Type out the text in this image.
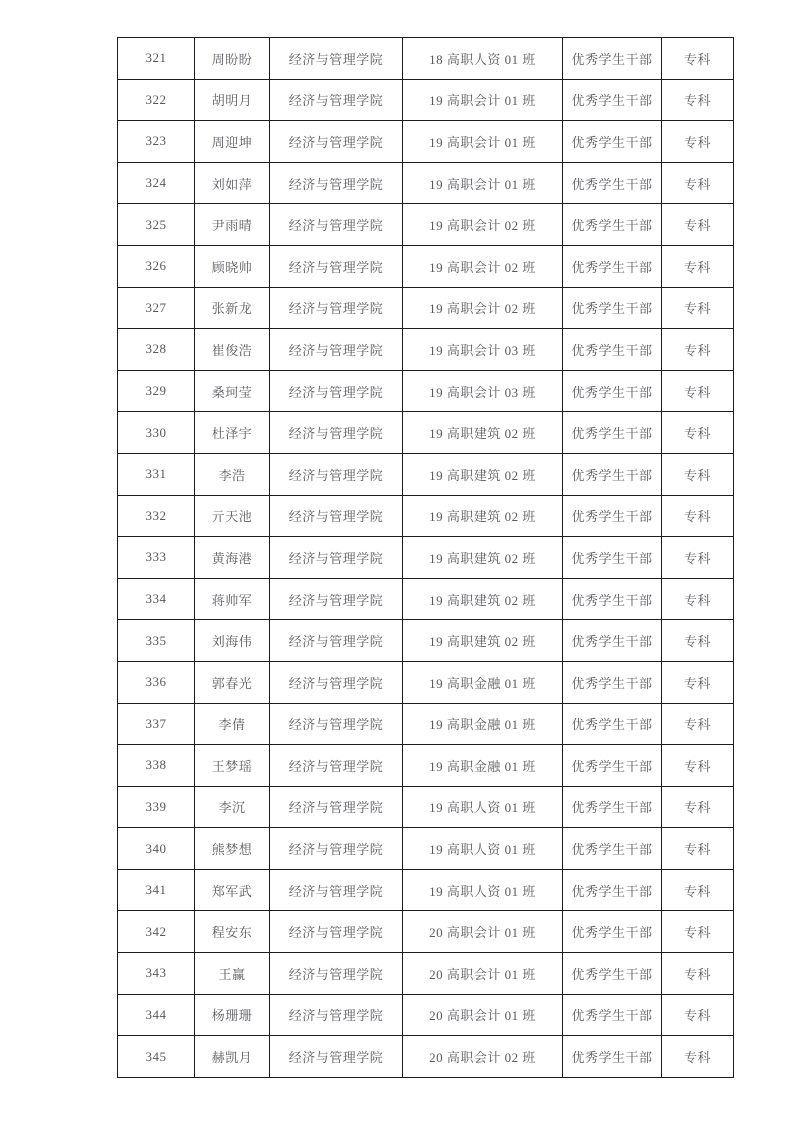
321	周盼盼	经济与管理学院	18 高职人资 01 班	优秀学生干部	专科
322	胡明月	经济与管理学院	19 高职会计 01 班	优秀学生干部	专科
323	周迎坤	经济与管理学院	19 高职会计 01 班	优秀学生干部	专科
324	刘如萍	经济与管理学院	19 高职会计 01 班	优秀学生干部	专科
325	尹雨晴	经济与管理学院	19 高职会计 02 班	优秀学生干部	专科
326	顾晓帅	经济与管理学院	19 高职会计 02 班	优秀学生干部	专科
327	张新龙	经济与管理学院	19 高职会计 02 班	优秀学生干部	专科
328	崔俊浩	经济与管理学院	19 高职会计 03 班	优秀学生干部	专科
329	桑珂莹	经济与管理学院	19 高职会计 03 班	优秀学生干部	专科
330	杜泽宇	经济与管理学院	19 高职建筑 02 班	优秀学生干部	专科
331	李浩	经济与管理学院	19 高职建筑 02 班	优秀学生干部	专科
332	亓天池	经济与管理学院	19 高职建筑 02 班	优秀学生干部	专科
333	黄海港	经济与管理学院	19 高职建筑 02 班	优秀学生干部	专科
334	蒋帅军	经济与管理学院	19 高职建筑 02 班	优秀学生干部	专科
335	刘海伟	经济与管理学院	19 高职建筑 02 班	优秀学生干部	专科
336	郭春光	经济与管理学院	19 高职金融 01 班	优秀学生干部	专科
337	李倩	经济与管理学院	19 高职金融 01 班	优秀学生干部	专科
338	王梦瑶	经济与管理学院	19 高职金融 01 班	优秀学生干部	专科
339	李沉	经济与管理学院	19 高职人资 01 班	优秀学生干部	专科
340	熊梦想	经济与管理学院	19 高职人资 01 班	优秀学生干部	专科
341	郑军武	经济与管理学院	19 高职人资 01 班	优秀学生干部	专科
342	程安东	经济与管理学院	20 高职会计 01 班	优秀学生干部	专科
343	王赢	经济与管理学院	20 高职会计 01 班	优秀学生干部	专科
344	杨珊珊	经济与管理学院	20 高职会计 01 班	优秀学生干部	专科
345	赫凯月	经济与管理学院	20 高职会计 02 班	优秀学生干部	专科
